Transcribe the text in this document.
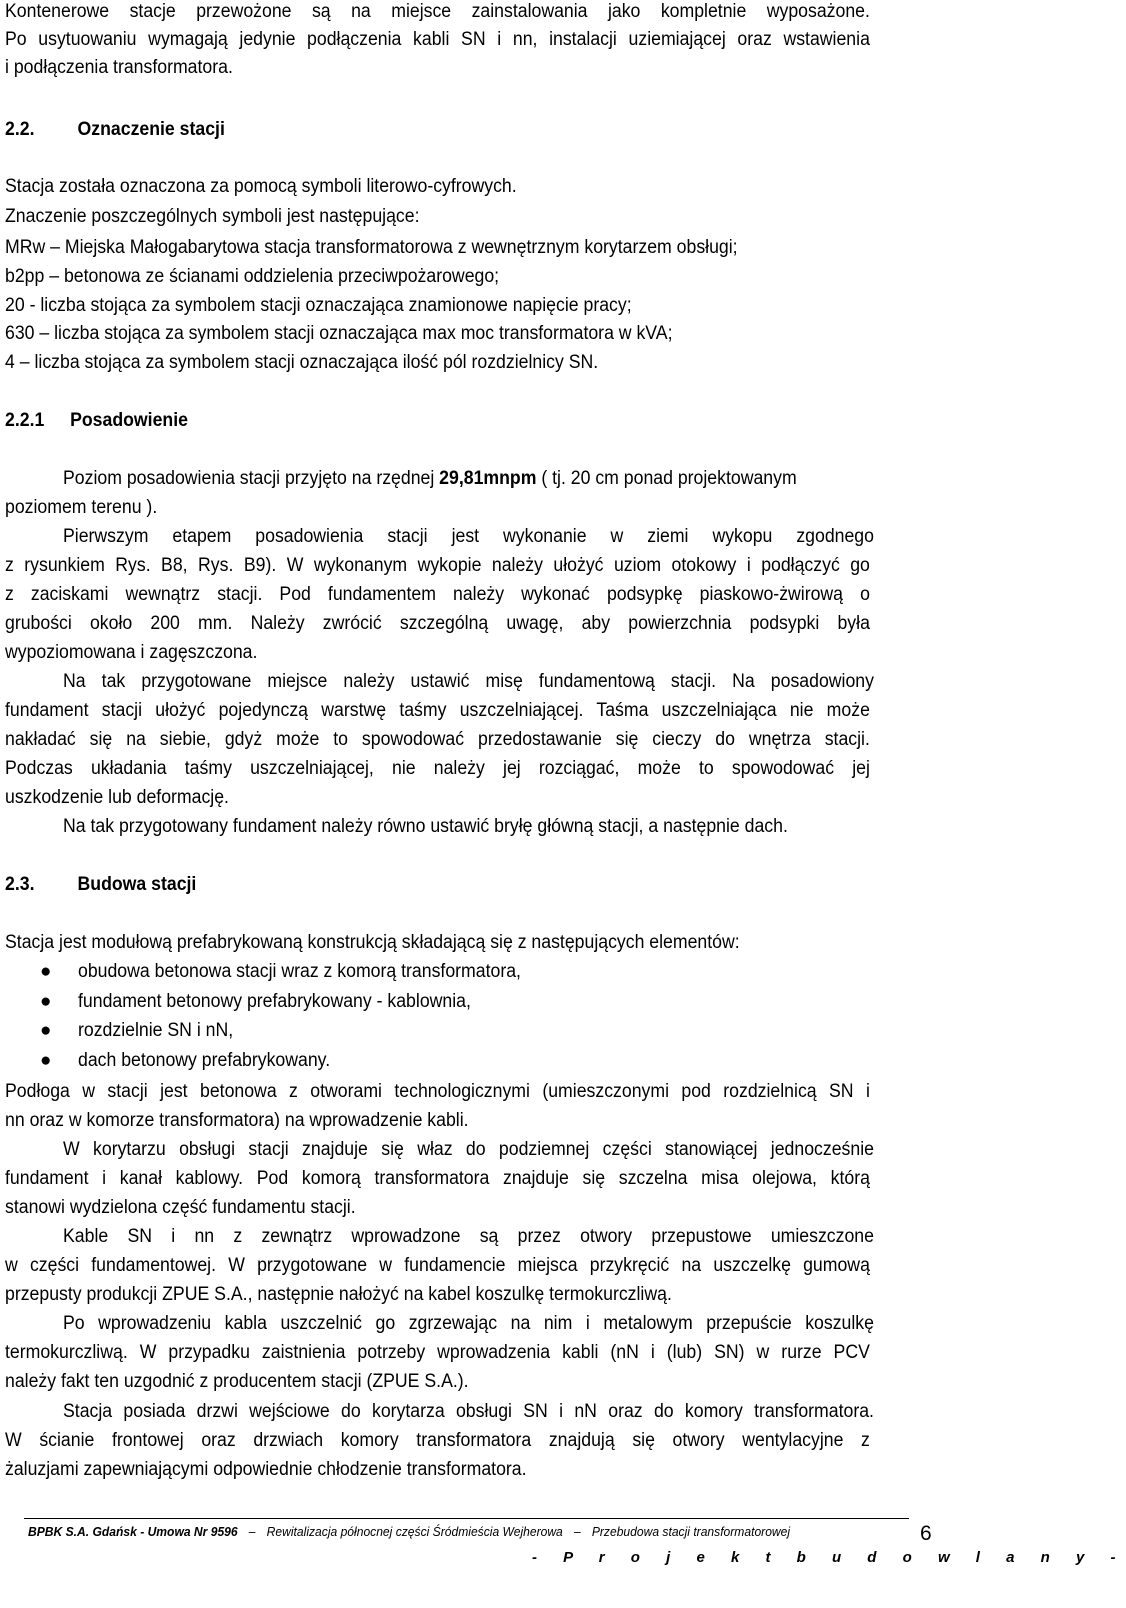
Kontenerowe stacje przewożone są na miejsce zainstalowania jako kompletnie wyposażone.
Po usytuowaniu wymagają jedynie podłączenia kabli SN i nn, instalacji uziemiającej oraz wstawienia
i podłączenia transformatora.
2.2. Oznaczenie stacji
Stacja została oznaczona za pomocą symboli literowo-cyfrowych.
Znaczenie poszczególnych symboli jest następujące:
MRw – Miejska Małogabarytowa stacja transformatorowa z wewnętrznym korytarzem obsługi;
b2pp – betonowa ze ścianami oddzielenia przeciwpożarowego;
20 - liczba stojąca za symbolem stacji oznaczająca znamionowe napięcie pracy;
630 – liczba stojąca za symbolem stacji oznaczająca max moc transformatora w kVA;
4 – liczba stojąca za symbolem stacji oznaczająca ilość pól rozdzielnicy SN.
2.2.1 Posadowienie
Poziom posadowienia stacji przyjęto na rzędnej 29,81mnpm ( tj. 20 cm ponad projektowanym
poziomem terenu ).
Pierwszym etapem posadowienia stacji jest wykonanie w ziemi wykopu zgodnego
z rysunkiem Rys. B8, Rys. B9). W wykonanym wykopie należy ułożyć uziom otokowy i podłączyć go
z zaciskami wewnątrz stacji. Pod fundamentem należy wykonać podsypkę piaskowo-żwirową o
grubości około 200 mm. Należy zwrócić szczególną uwagę, aby powierzchnia podsypki była
wypoziomowana i zagęszczona.
Na tak przygotowane miejsce należy ustawić misę fundamentową stacji. Na posadowiony
fundament stacji ułożyć pojedynczą warstwę taśmy uszczelniającej. Taśma uszczelniająca nie może
nakładać się na siebie, gdyż może to spowodować przedostawanie się cieczy do wnętrza stacji.
Podczas układania taśmy uszczelniającej, nie należy jej rozciągać, może to spowodować jej
uszkodzenie lub deformację.
Na tak przygotowany fundament należy równo ustawić bryłę główną stacji, a następnie dach.
2.3. Budowa stacji
Stacja jest modułową prefabrykowaną konstrukcją składającą się z następujących elementów:
● obudowa betonowa stacji wraz z komorą transformatora,
● fundament betonowy prefabrykowany - kablownia,
● rozdzielnie SN i nN,
● dach betonowy prefabrykowany.
Podłoga w stacji jest betonowa z otworami technologicznymi (umieszczonymi pod rozdzielnicą SN i
nn oraz w komorze transformatora) na wprowadzenie kabli.
W korytarzu obsługi stacji znajduje się właz do podziemnej części stanowiącej jednocześnie
fundament i kanał kablowy. Pod komorą transformatora znajduje się szczelna misa olejowa, którą
stanowi wydzielona część fundamentu stacji.
Kable SN i nn z zewnątrz wprowadzone są przez otwory przepustowe umieszczone
w części fundamentowej. W przygotowane w fundamencie miejsca przykręcić na uszczelkę gumową
przepusty produkcji ZPUE S.A., następnie nałożyć na kabel koszulkę termokurczliwą.
Po wprowadzeniu kabla uszczelnić go zgrzewając na nim i metalowym przepuście koszulkę
termokurczliwą. W przypadku zaistnienia potrzeby wprowadzenia kabli (nN i (lub) SN) w rurze PCV
należy fakt ten uzgodnić z producentem stacji (ZPUE S.A.).
Stacja posiada drzwi wejściowe do korytarza obsługi SN i nN oraz do komory transformatora.
W ścianie frontowej oraz drzwiach komory transformatora znajdują się otwory wentylacyjne z
żaluzjami zapewniającymi odpowiednie chłodzenie transformatora.
BPBK S.A. Gdańsk - Umowa Nr 9596 – Rewitalizacja północnej części Śródmieścia Wejherowa – Przebudowa stacji transformatorowej	6
- P r o j e k t b u d o w l a n y -
